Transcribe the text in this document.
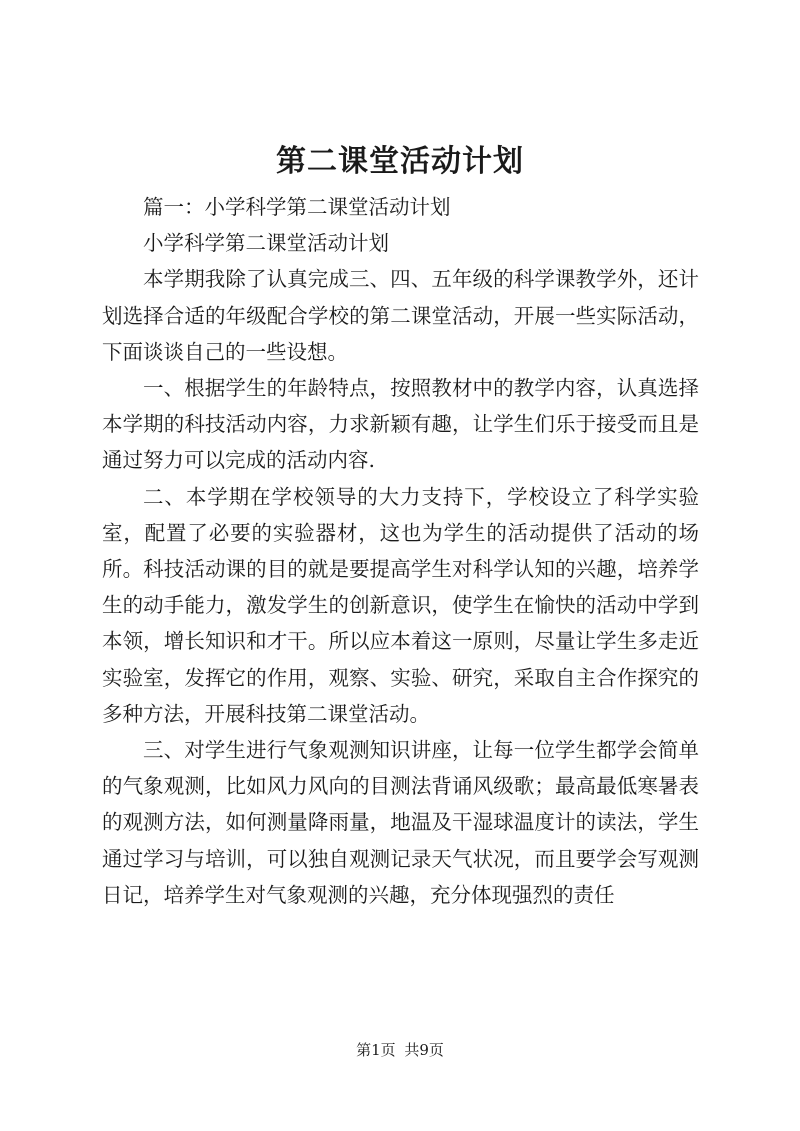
第二课堂活动计划

篇一：小学科学第二课堂活动计划

小学科学第二课堂活动计划

本学期我除了认真完成三、四、五年级的科学课教学外，还计划选择合适的年级配合学校的第二课堂活动，开展一些实际活动，下面谈谈自己的一些设想。

一、根据学生的年龄特点，按照教材中的教学内容，认真选择本学期的科技活动内容，力求新颖有趣，让学生们乐于接受而且是通过努力可以完成的活动内容.

二、本学期在学校领导的大力支持下，学校设立了科学实验室，配置了必要的实验器材，这也为学生的活动提供了活动的场所。科技活动课的目的就是要提高学生对科学认知的兴趣，培养学生的动手能力，激发学生的创新意识，使学生在愉快的活动中学到本领，增长知识和才干。所以应本着这一原则，尽量让学生多走近实验室，发挥它的作用，观察、实验、研究，采取自主合作探究的多种方法，开展科技第二课堂活动。

三、对学生进行气象观测知识讲座，让每一位学生都学会简单的气象观测，比如风力风向的目测法背诵风级歌；最高最低寒暑表的观测方法，如何测量降雨量，地温及干湿球温度计的读法，学生通过学习与培训，可以独自观测记录天气状况，而且要学会写观测日记，培养学生对气象观测的兴趣，充分体现强烈的责任

第1页 共9页
